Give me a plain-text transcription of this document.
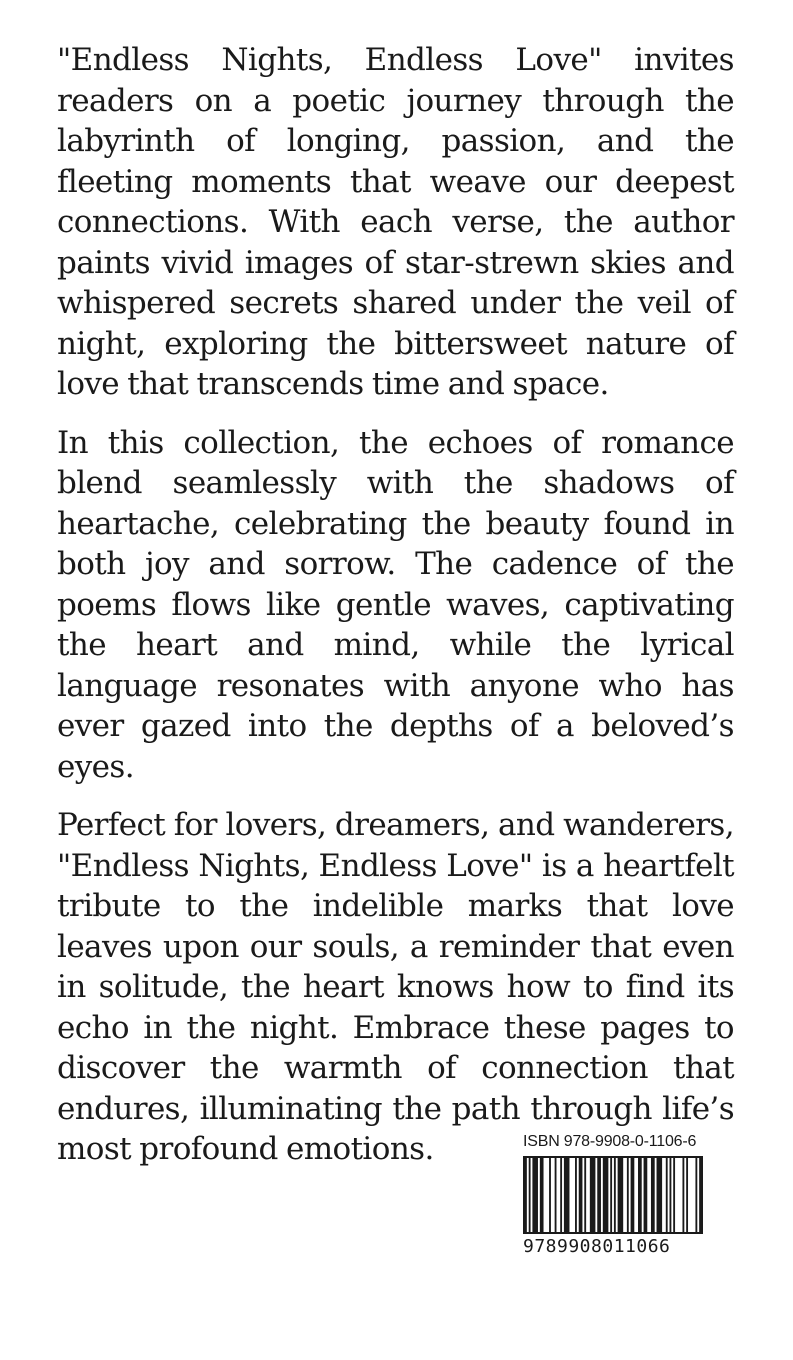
"Endless Nights, Endless Love" invites readers on a poetic journey through the labyrinth of longing, passion, and the fleeting moments that weave our deepest connections. With each verse, the author paints vivid images of star-strewn skies and whispered secrets shared under the veil of night, exploring the bittersweet nature of love that transcends time and space.

In this collection, the echoes of romance blend seamlessly with the shadows of heartache, celebrating the beauty found in both joy and sorrow. The cadence of the poems flows like gentle waves, captivating the heart and mind, while the lyrical language resonates with anyone who has ever gazed into the depths of a beloved’s eyes.

Perfect for lovers, dreamers, and wanderers, "Endless Nights, Endless Love" is a heartfelt tribute to the indelible marks that love leaves upon our souls, a reminder that even in solitude, the heart knows how to find its echo in the night. Embrace these pages to discover the warmth of connection that endures, illuminating the path through life’s most profound emotions.	ISBN 978-9908-0-1106-6
9789908011066
